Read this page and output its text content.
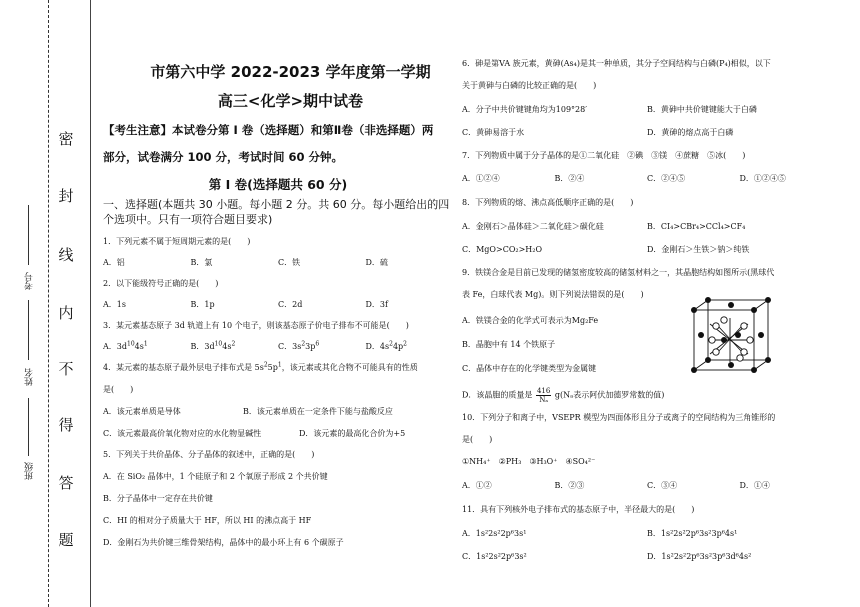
密
封
线
内
不
得
答
题
考号
姓名
班级
市第六中学 2022-2023 学年度第一学期
高三<化学>期中试卷
【考生注意】本试卷分第 I 卷（选择题）和第Ⅱ卷（非选择题）两
部分，试卷满分 100 分，考试时间 60 分钟。
第 I 卷(选择题共 60 分)
一、选择题(本题共 30 小题。每小题 2 分。共 60 分。每小题给出的四个选项中。只有一项符合题目要求)
1．下列元素不属于短周期元素的是(　　)
A．铝	B．氯	C．铁	D．硫
2．以下能级符号正确的是(　　)
A．1s	B．1p	C．2d	D．3f
3．某元素基态原子 3d 轨道上有 10 个电子，则该基态原子价电子排布不可能是(　　)
A．$3d^{10}4s^1$	B．$3d^{10}4s^2$	C．$3s^23p^6$	D．$4s^24p^2$
4．某元素的基态原子最外层电子排布式是 $5s^25p^1$，该元素或其化合物不可能具有的性质
是(　　)
A．该元素单质是导体	B．该元素单质在一定条件下能与盐酸反应
C．该元素最高价氧化物对应的水化物显碱性	D．该元素的最高化合价为+5
5．下列关于共价晶体、分子晶体的叙述中，正确的是(　　)
A．在 SiO₂ 晶体中，1 个硅原子和 2 个氧原子形成 2 个共价键
B．分子晶体中一定存在共价键
C．HI 的相对分子质量大于 HF，所以 HI 的沸点高于 HF
D．金刚石为共价键三维骨架结构，晶体中的最小环上有 6 个碳原子
6．砷是第VA 族元素，黄砷(As₄)是其一种单质，其分子空间结构与白磷(P₄)相似，以下
关于黄砷与白磷的比较正确的是(　　)
A．分子中共价键键角均为109°28′	B．黄砷中共价键键能大于白磷
C．黄砷易溶于水	D．黄砷的熔点高于白磷
7．下列物质中属于分子晶体的是①二氧化硅　②碘　③镁　④蔗糖　⑤冰(　　)
A．①②④	B．②④	C．②④⑤	D．①②④⑤
8．下列物质的熔、沸点高低顺序正确的是(　　)
A．金刚石＞晶体硅＞二氧化硅＞碳化硅	B．CI₄>CBr₄>CCl₄>CF₄
C．MgO>CO₂>H₂O	D．金刚石＞生铁＞钠＞纯铁
9．铁镁合金是目前已发现的储氢密度较高的储氢材料之一，其晶胞结构如图所示(黑球代
表 Fe，白球代表 Mg)。则下列说法错误的是(　　)
A．铁镁合金的化学式可表示为Mg₂Fe
B．晶胞中有 14 个铁原子
C．晶体中存在的化学键类型为金属键
D．该晶胞的质量是 $\frac{416}{\text{Nₐ}} g(N_a$表示阿伏加德罗常数的值)
10．下列分子和离子中，VSEPR 模型为四面体形且分子或离子的空间结构为三角锥形的
是(　　)
①NH₄⁺　②PH₃　③H₃O⁺　④SO₄²⁻
A．①②	B．②③	C．③④	D．①④
11．具有下列核外电子排布式的基态原子中，半径最大的是(　　)
A．1s²2s²2p⁶3s¹	B．1s²2s²2p⁶3s²3p⁶4s¹
C．1s²2s²2p⁶3s²	D．1s²2s²2p⁶3s²3p⁶3d⁶4s²
